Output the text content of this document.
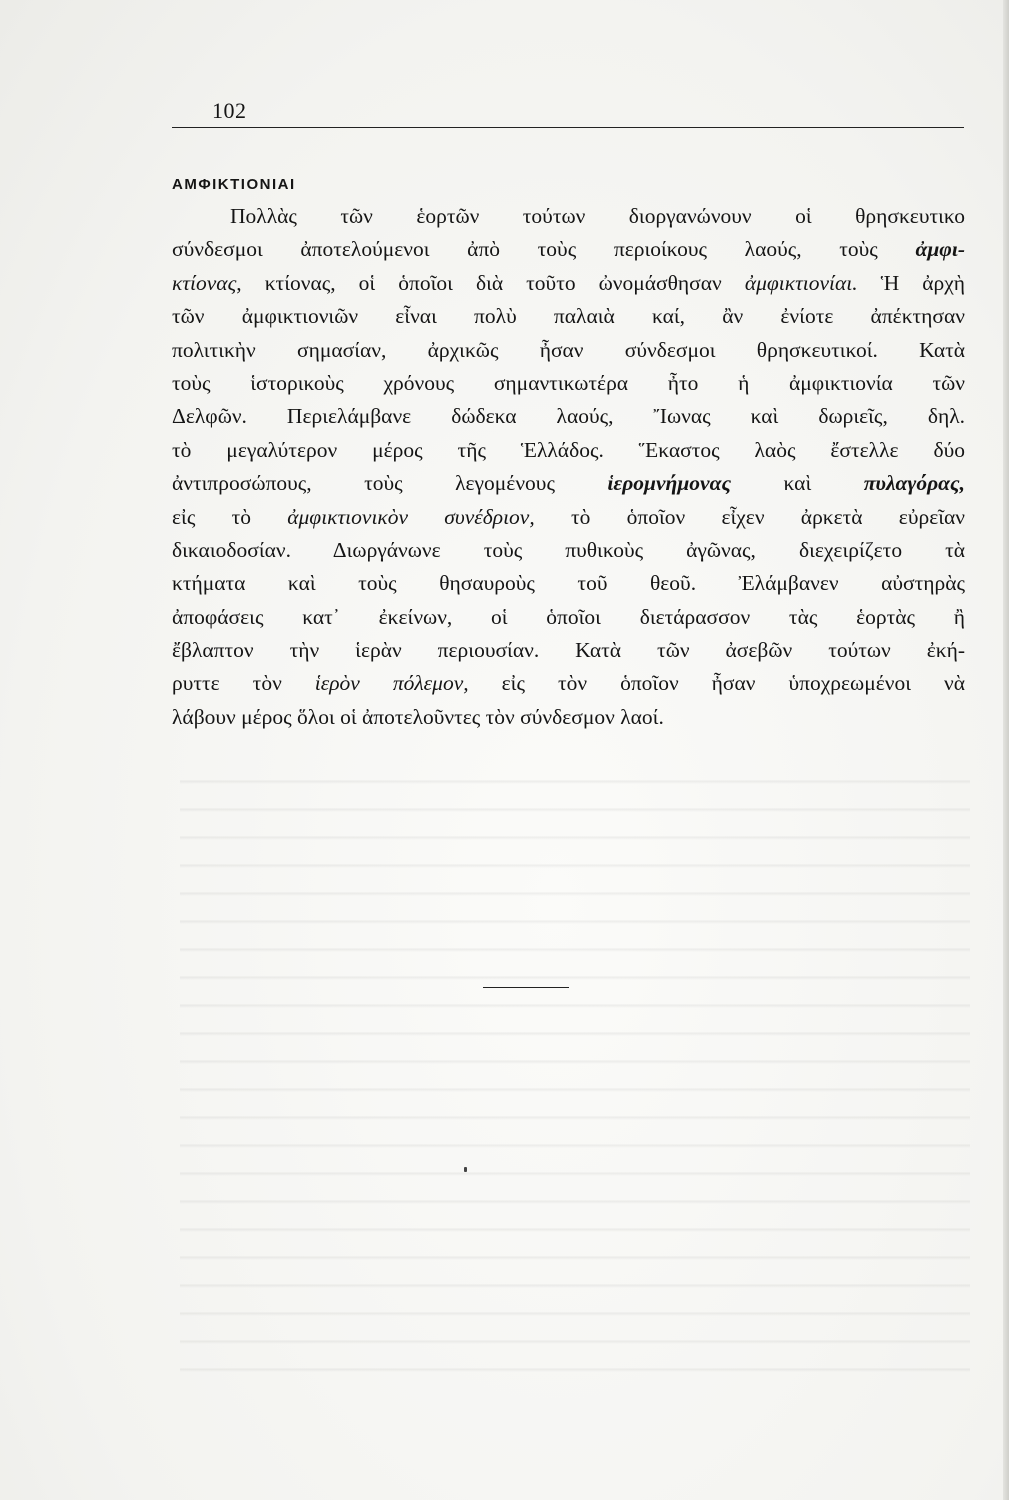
102
ΑΜΦΙΚΤΙΟΝΙΑΙ
Πολλὰς τῶν ἑορτῶν τούτων διοργανώνουν οἱ θρησκευτικο
σύνδεσμοι ἀποτελούμενοι ἀπὸ τοὺς περιοίκους λαούς, τοὺς ἀμφι-
κτίονας, κτίονας, οἱ ὁποῖοι διὰ τοῦτο ὠνομάσθησαν ἀμφικτιονίαι. Ἡ ἀρχὴ
τῶν ἀμφικτιονιῶν εἶναι πολὺ παλαιὰ καί, ἂν ἐνίοτε ἀπέκτησαν
πολιτικὴν σημασίαν, ἀρχικῶς ἦσαν σύνδεσμοι θρησκευτικοί. Κατὰ
τοὺς ἱστορικοὺς χρόνους σημαντικωτέρα ἦτο ἡ ἀμφικτιονία τῶν
Δελφῶν. Περιελάμβανε δώδεκα λαούς, Ἴωνας καὶ δωριεῖς, δηλ.
τὸ μεγαλύτερον μέρος τῆς Ἑλλάδος. Ἕκαστος λαὸς ἔστελλε δύο
ἀντιπροσώπους, τοὺς λεγομένους ἱερομνήμονας καὶ πυλαγόρας,
εἰς τὸ ἀμφικτιονικὸν συνέδριον, τὸ ὁποῖον εἶχεν ἀρκετὰ εὐρεῖαν
δικαιοδοσίαν. Διωργάνωνε τοὺς πυθικοὺς ἀγῶνας, διεχειρίζετο τὰ
κτήματα καὶ τοὺς θησαυροὺς τοῦ θεοῦ. Ἐλάμβανεν αὐστηρὰς
ἀποφάσεις κατ᾽ ἐκείνων, οἱ ὁποῖοι διετάρασσον τὰς ἑορτὰς ἢ
ἔβλαπτον τὴν ἱερὰν περιουσίαν. Κατὰ τῶν ἀσεβῶν τούτων ἐκή-
ρυττε τὸν ἱερὸν πόλεμον, εἰς τὸν ὁποῖον ἦσαν ὑποχρεωμένοι νὰ
λάβουν μέρος ὅλοι οἱ ἀποτελοῦντες τὸν σύνδεσμον λαοί.
